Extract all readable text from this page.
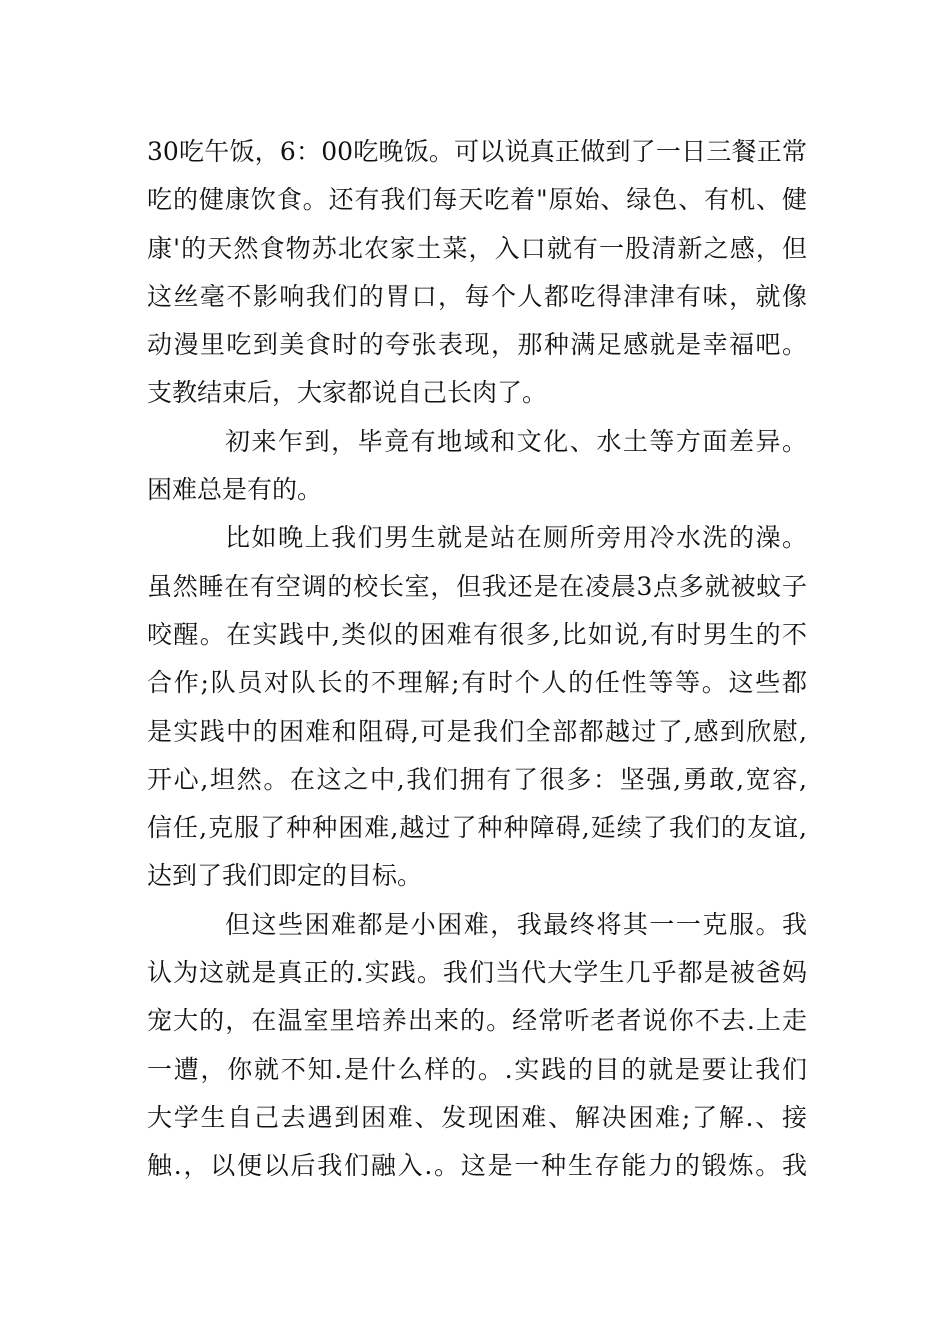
30吃午饭，6：00吃晚饭。可以说真正做到了一日三餐正常
吃的健康饮食。还有我们每天吃着"原始、绿色、有机、健
康'的天然食物苏北农家土菜，入口就有一股清新之感，但
这丝毫不影响我们的胃口，每个人都吃得津津有味，就像
动漫里吃到美食时的夸张表现，那种满足感就是幸福吧。
支教结束后，大家都说自己长肉了。

初来乍到，毕竟有地域和文化、水土等方面差异。
困难总是有的。

比如晚上我们男生就是站在厕所旁用冷水洗的澡。
虽然睡在有空调的校长室，但我还是在凌晨3点多就被蚊子
咬醒。在实践中,类似的困难有很多,比如说,有时男生的不
合作;队员对队长的不理解;有时个人的任性等等。这些都
是实践中的困难和阻碍,可是我们全部都越过了,感到欣慰,
开心,坦然。在这之中,我们拥有了很多：坚强,勇敢,宽容,
信任,克服了种种困难,越过了种种障碍,延续了我们的友谊,
达到了我们即定的目标。

但这些困难都是小困难，我最终将其一一克服。我
认为这就是真正的.实践。我们当代大学生几乎都是被爸妈
宠大的，在温室里培养出来的。经常听老者说你不去.上走
一遭，你就不知.是什么样的。.实践的目的就是要让我们
大学生自己去遇到困难、发现困难、解决困难;了解.、接
触.，以便以后我们融入.。这是一种生存能力的锻炼。我
